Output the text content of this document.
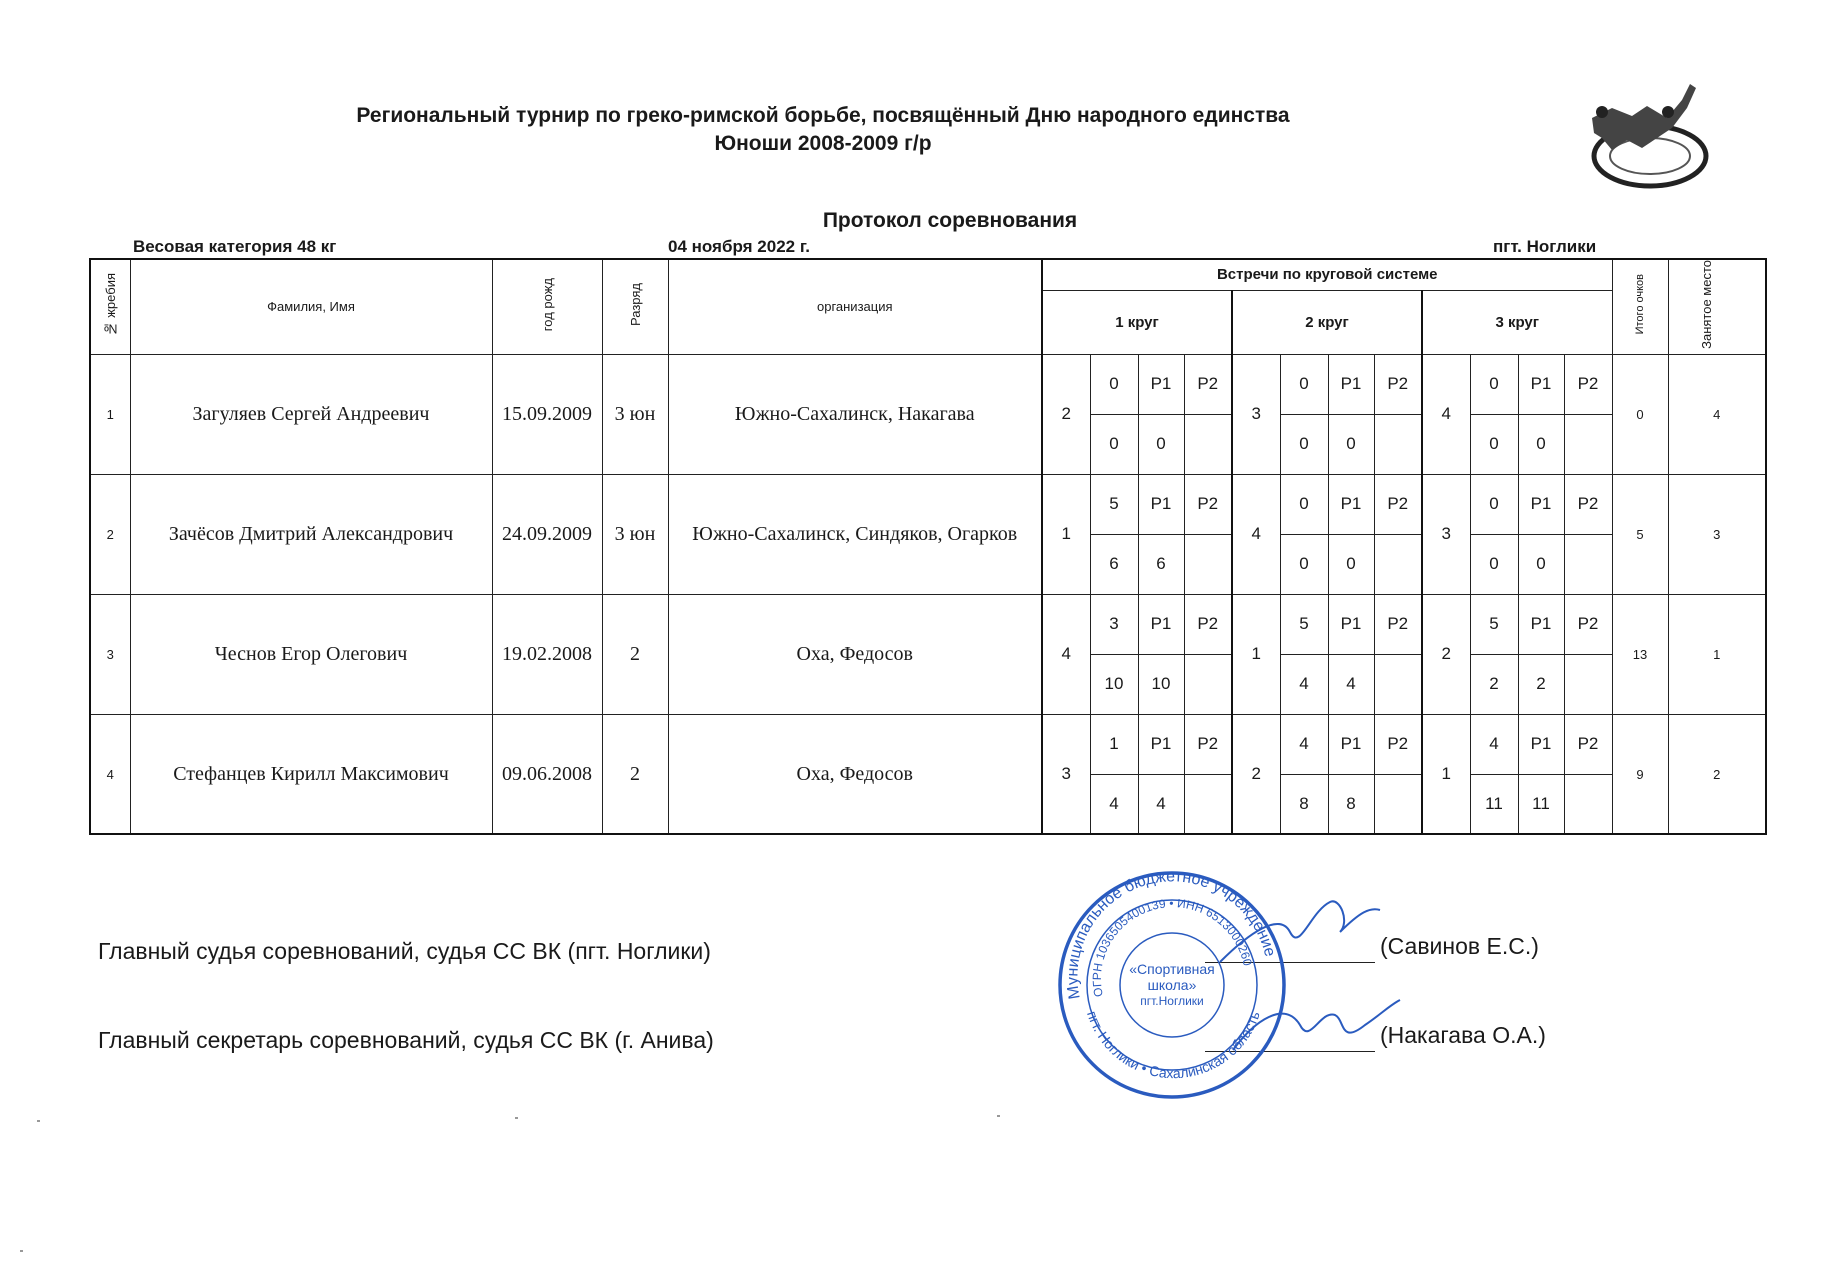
Региональный турнир по греко-римской борьбе, посвящённый Дню народного единства
Юноши 2008-2009 г/р
Протокол соревнования
Весовая категория 48 кг	04 ноября 2022 г.	пгт. Ноглики
№ жребия	Фамилия, Имя	год рожд	Разряд	организация	Встречи по круговой системе												Итого очков	Занятое место
					1 круг				2 круг				3 круг					
1	Загуляев Сергей Андреевич	15.09.2009	3 юн	Южно-Сахалинск, Накагава	2	0	Р1	Р2	3	0	Р1	Р2	4	0	Р1	Р2	0	4
						0	0			0	0			0	0			
2	Зачёсов Дмитрий Александрович	24.09.2009	3 юн	Южно-Сахалинск, Синдяков, Огарков	1	5	Р1	Р2	4	0	Р1	Р2	3	0	Р1	Р2	5	3
						6	6			0	0			0	0			
3	Чеснов Егор Олегович	19.02.2008	2	Оха, Федосов	4	3	Р1	Р2	1	5	Р1	Р2	2	5	Р1	Р2	13	1
						10	10			4	4			2	2			
4	Стефанцев Кирилл Максимович	09.06.2008	2	Оха, Федосов	3	1	Р1	Р2	2	4	Р1	Р2	1	4	Р1	Р2	9	2
						4	4			8	8			11	11			
Главный судья соревнований, судья СС ВК (пгт. Ноглики)	(Савинов Е.С.)
Главный секретарь соревнований, судья СС ВК (г. Анива)	(Накагава О.А.)
Муниципальное бюджетное учреждение
ОГРН 1036505400139 • ИНН 6513000260
пгт. Ноглики • Сахалинская область
«Спортивная
школа»
пгт.Ноглики
